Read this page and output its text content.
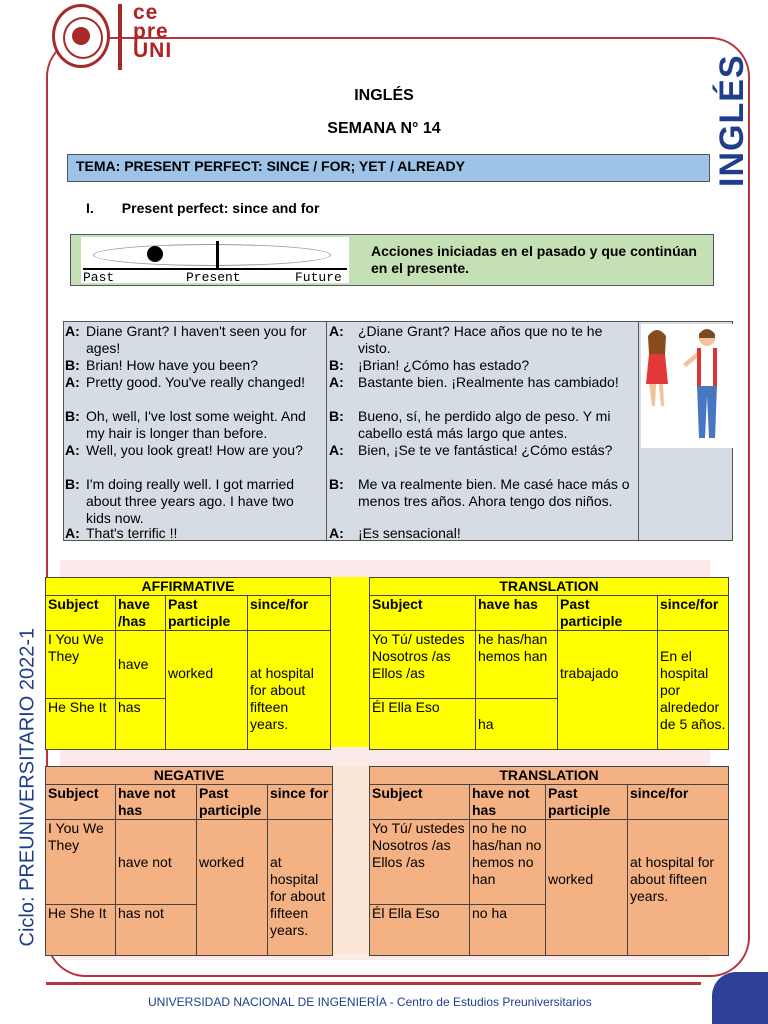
ce
pre
UNI
INGLÉS
Ciclo: PREUNIVERSITARIO 2022-1
INGLÉS
SEMANA N° 14
TEMA: PRESENT PERFECT: SINCE / FOR; YET / ALREADY
I. Present perfect: since and for
Past	Present	Future
Acciones iniciadas en el pasado y que continúan en el presente.
A: Diane Grant? I haven't seen you for ages!
B: Brian! How have you been?
A: Pretty good. You've really changed!
B: Oh, well, I've lost some weight. And my hair is longer than before.
A: Well, you look great! How are you?
B: I'm doing really well. I got married about three years ago. I have two kids now.
A: That's terrific !!
A: ¿Diane Grant? Hace años que no te he visto.
B: ¡Brian! ¿Cómo has estado?
A: Bastante bien. ¡Realmente has cambiado!
B: Bueno, sí, he perdido algo de peso. Y mi cabello está más largo que antes.
A: Bien, ¡Se te ve fantástica! ¿Cómo estás?
B: Me va realmente bien. Me casé hace más o menos tres años. Ahora tengo dos niños.
A: ¡Es sensacional!
AFFIRMATIVE			
Subject	have /has	Past participle	since/for
I You We They	have	worked	at hospital for about fifteen years.
He She It	has		
TRANSLATION			
Subject	have has	Past participle	since/for
Yo Tú/ ustedes Nosotros /as Ellos /as	he has/han hemos han	trabajado	En el hospital por alrededor de 5 años.
Él Ella Eso	ha		
NEGATIVE			
Subject	have not has	Past participle	since for
I You We They	have not	worked	at hospital for about fifteen years.
He She It	has not		
TRANSLATION			
Subject	have not has	Past participle	since/for
Yo Tú/ ustedes Nosotros /as Ellos /as	no he no has/han no hemos no han	worked	at hospital for about fifteen years.
Él Ella Eso	no ha		
UNIVERSIDAD NACIONAL DE INGENIERÍA - Centro de Estudios Preuniversitarios
